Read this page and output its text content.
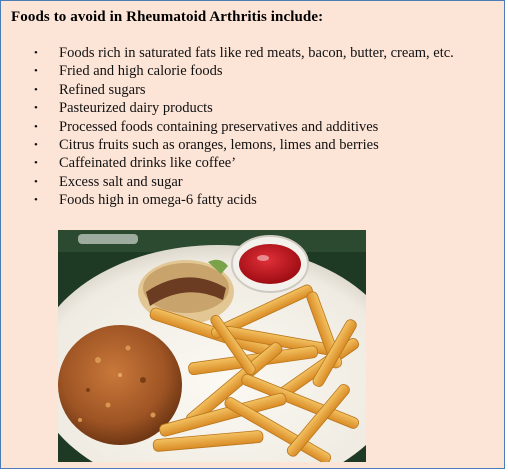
Foods to avoid in Rheumatoid Arthritis include:
• Foods rich in saturated fats like red meats, bacon, butter, cream, etc.
• Fried and high calorie foods
• Refined sugars
• Pasteurized dairy products
• Processed foods containing preservatives and additives
• Citrus fruits such as oranges, lemons, limes and berries
• Caffeinated drinks like coffee’
• Excess salt and sugar
• Foods high in omega-6 fatty acids
